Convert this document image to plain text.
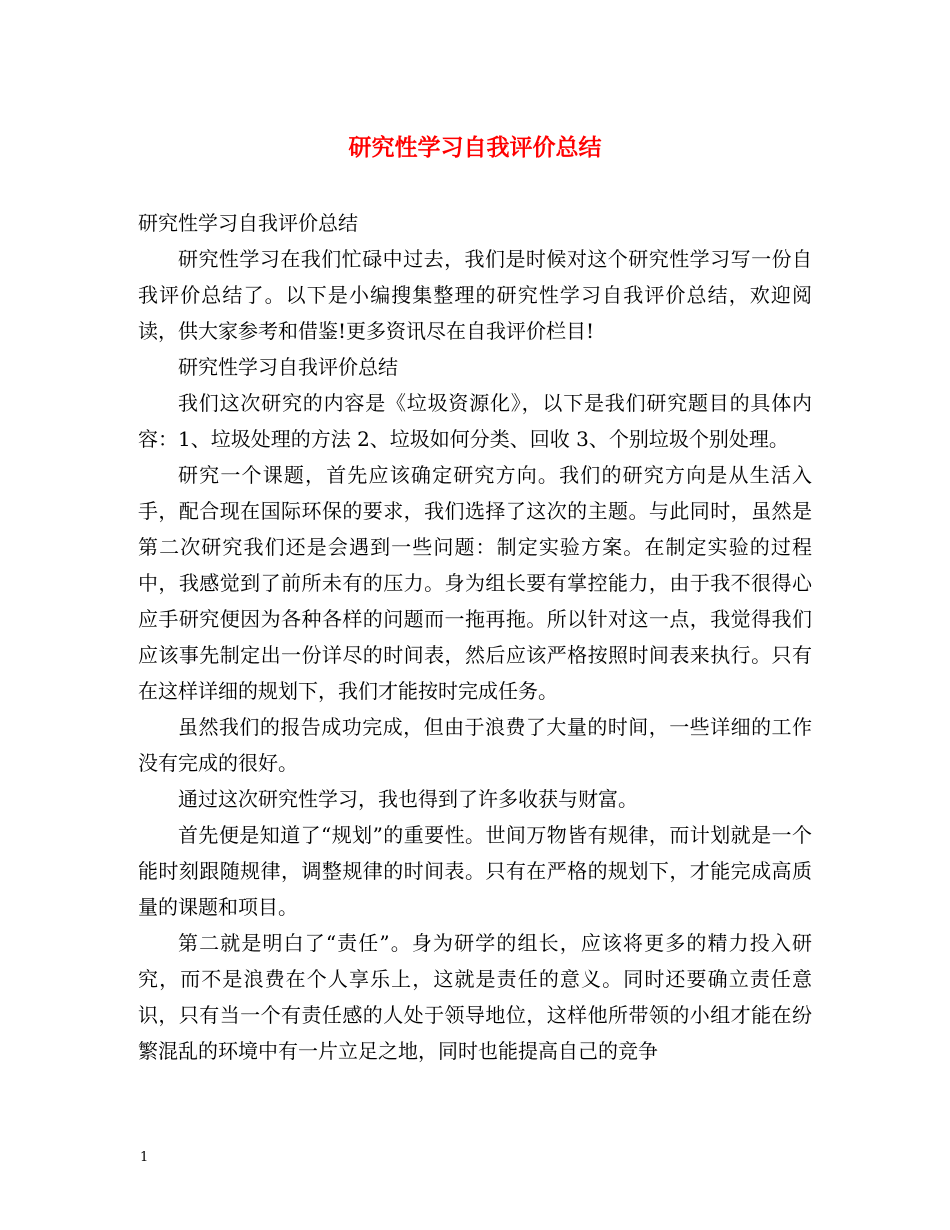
研究性学习自我评价总结

研究性学习自我评价总结

研究性学习在我们忙碌中过去，我们是时候对这个研究性学习写一份自我评价总结了。以下是小编搜集整理的研究性学习自我评价总结，欢迎阅读，供大家参考和借鉴!更多资讯尽在自我评价栏目!

研究性学习自我评价总结

我们这次研究的内容是《垃圾资源化》，以下是我们研究题目的具体内容：1、垃圾处理的方法 2、垃圾如何分类、回收 3、个别垃圾个别处理。

研究一个课题，首先应该确定研究方向。我们的研究方向是从生活入手，配合现在国际环保的要求，我们选择了这次的主题。与此同时，虽然是第二次研究我们还是会遇到一些问题：制定实验方案。在制定实验的过程中，我感觉到了前所未有的压力。身为组长要有掌控能力，由于我不很得心应手研究便因为各种各样的问题而一拖再拖。所以针对这一点，我觉得我们应该事先制定出一份详尽的时间表，然后应该严格按照时间表来执行。只有在这样详细的规划下，我们才能按时完成任务。

虽然我们的报告成功完成，但由于浪费了大量的时间，一些详细的工作没有完成的很好。

通过这次研究性学习，我也得到了许多收获与财富。

首先便是知道了“规划”的重要性。世间万物皆有规律，而计划就是一个能时刻跟随规律，调整规律的时间表。只有在严格的规划下，才能完成高质量的课题和项目。

第二就是明白了“责任”。身为研学的组长，应该将更多的精力投入研究，而不是浪费在个人享乐上，这就是责任的意义。同时还要确立责任意识，只有当一个有责任感的人处于领导地位，这样他所带领的小组才能在纷繁混乱的环境中有一片立足之地，同时也能提高自己的竞争

1
